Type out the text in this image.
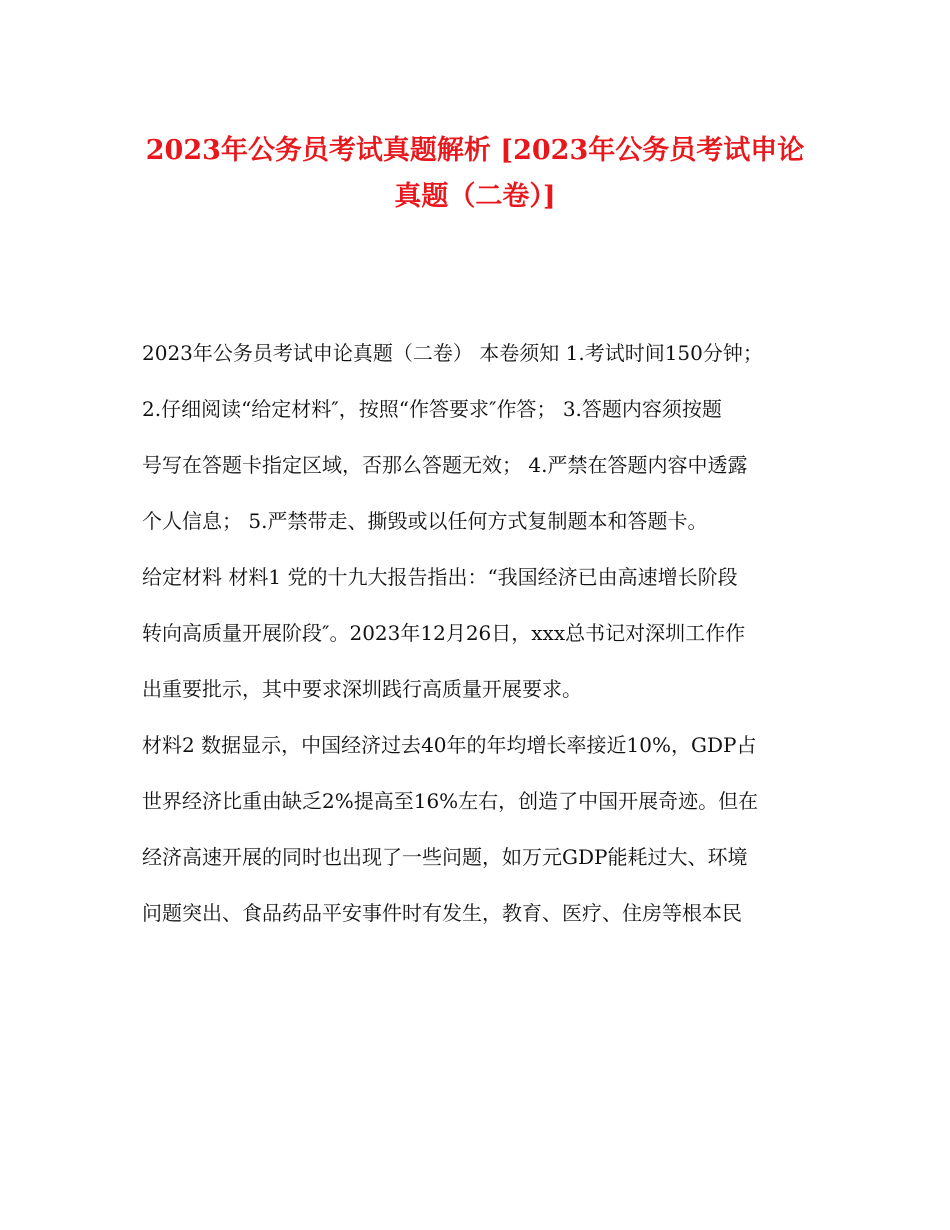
2023年公务员考试真题解析 [2023年公务员考试申论
真题（二卷）]
2023年公务员考试申论真题（二卷） 本卷须知 1.考试时间150分钟；
2.仔细阅读“给定材料″，按照“作答要求″作答； 3.答题内容须按题
号写在答题卡指定区域，否那么答题无效； 4.严禁在答题内容中透露
个人信息； 5.严禁带走、撕毁或以任何方式复制题本和答题卡。
给定材料 材料1 党的十九大报告指出：“我国经济已由高速增长阶段
转向高质量开展阶段″。2023年12月26日，xxx总书记对深圳工作作
出重要批示，其中要求深圳践行高质量开展要求。
材料2 数据显示，中国经济过去40年的年均增长率接近10%，GDP占
世界经济比重由缺乏2%提高至16%左右，创造了中国开展奇迹。但在
经济高速开展的同时也出现了一些问题，如万元GDP能耗过大、环境
问题突出、食品药品平安事件时有发生，教育、医疗、住房等根本民
